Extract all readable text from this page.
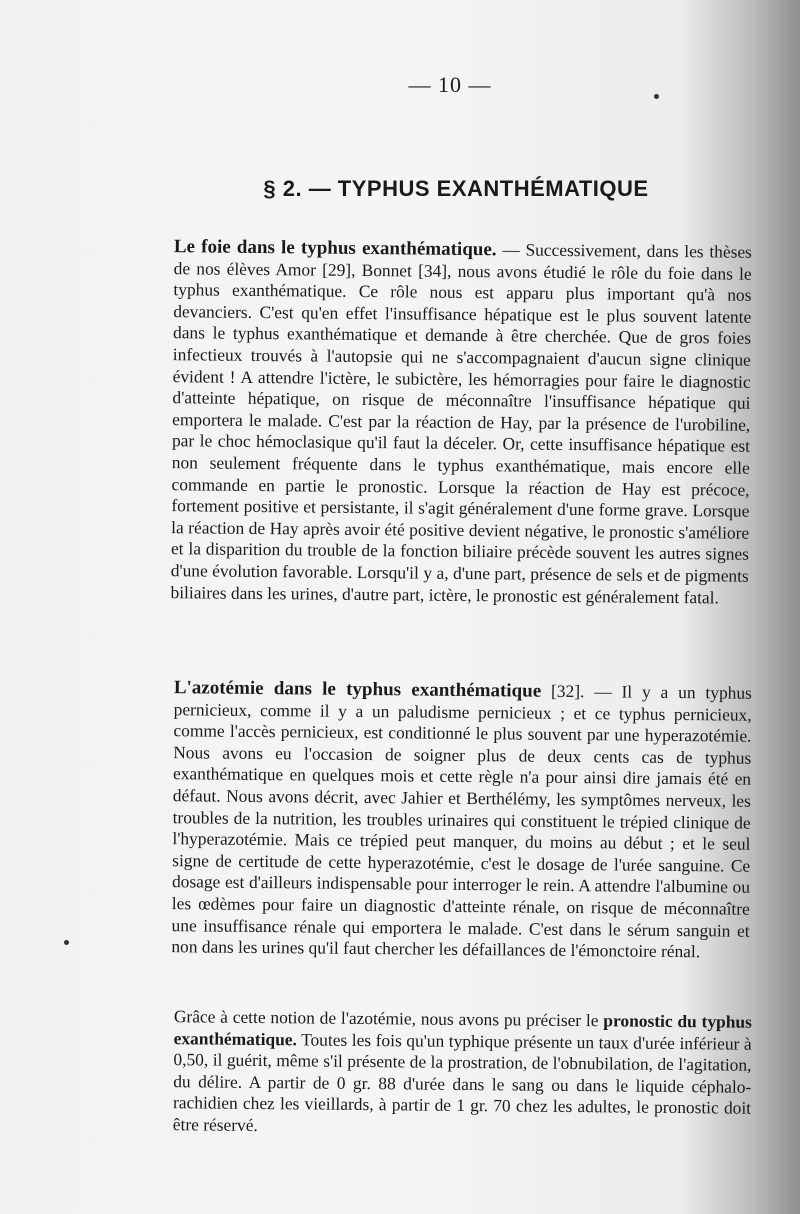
— 10 —
§ 2. — TYPHUS EXANTHÉMATIQUE

Le foie dans le typhus exanthématique. — Successivement, dans les thèses de nos élèves Amor [29], Bonnet [34], nous avons étudié le rôle du foie dans le typhus exanthématique. Ce rôle nous est apparu plus important qu'à nos devanciers. C'est qu'en effet l'insuffisance hépatique est le plus souvent latente dans le typhus exanthématique et demande à être cherchée. Que de gros foies infectieux trouvés à l'autopsie qui ne s'accompagnaient d'aucun signe clinique évident ! A attendre l'ictère, le subictère, les hémorragies pour faire le diagnostic d'atteinte hépatique, on risque de méconnaître l'insuffisance hépatique qui emportera le malade. C'est par la réaction de Hay, par la présence de l'urobiline, par le choc hémoclasique qu'il faut la déceler. Or, cette insuffisance hépatique est non seulement fréquente dans le typhus exanthématique, mais encore elle commande en partie le pronostic. Lorsque la réaction de Hay est précoce, fortement positive et persistante, il s'agit généralement d'une forme grave. Lorsque la réaction de Hay après avoir été positive devient négative, le pronostic s'améliore et la disparition du trouble de la fonction biliaire précède souvent les autres signes d'une évolution favorable. Lorsqu'il y a, d'une part, présence de sels et de pigments biliaires dans les urines, d'autre part, ictère, le pronostic est généralement fatal.

L'azotémie dans le typhus exanthématique [32]. — Il y a un typhus pernicieux, comme il y a un paludisme pernicieux ; et ce typhus pernicieux, comme l'accès pernicieux, est conditionné le plus souvent par une hyperazotémie. Nous avons eu l'occasion de soigner plus de deux cents cas de typhus exanthématique en quelques mois et cette règle n'a pour ainsi dire jamais été en défaut. Nous avons décrit, avec Jahier et Berthélémy, les symptômes nerveux, les troubles de la nutrition, les troubles urinaires qui constituent le trépied clinique de l'hyperazotémie. Mais ce trépied peut manquer, du moins au début ; et le seul signe de certitude de cette hyperazotémie, c'est le dosage de l'urée sanguine. Ce dosage est d'ailleurs indispensable pour interroger le rein. A attendre l'albumine ou les œdèmes pour faire un diagnostic d'atteinte rénale, on risque de méconnaître une insuffisance rénale qui emportera le malade. C'est dans le sérum sanguin et non dans les urines qu'il faut chercher les défaillances de l'émonctoire rénal.

Grâce à cette notion de l'azotémie, nous avons pu préciser le pronostic du typhus exanthématique. Toutes les fois qu'un typhique présente un taux d'urée inférieur à 0,50, il guérit, même s'il présente de la prostration, de l'obnubilation, de l'agitation, du délire. A partir de 0 gr. 88 d'urée dans le sang ou dans le liquide céphalo-rachidien chez les vieillards, à partir de 1 gr. 70 chez les adultes, le pronostic doit être réservé.
